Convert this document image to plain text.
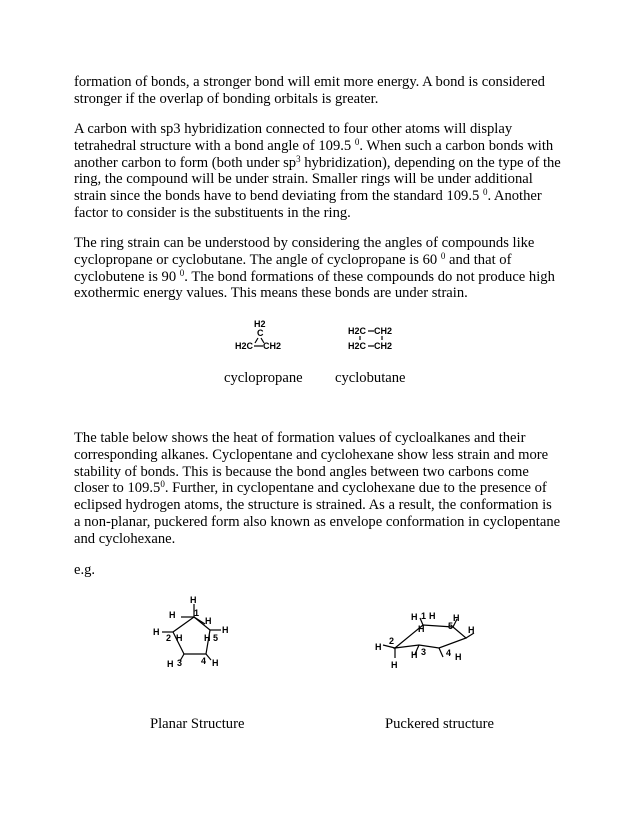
formation of bonds, a stronger bond will emit more energy. A bond is considered
stronger if the overlap of bonding orbitals is greater.

A carbon with sp3 hybridization connected to four other atoms will display
tetrahedral structure with a bond angle of 109.5 $^0$. When such a carbon bonds with
another carbon to form (both under $sp^3$ hybridization), depending on the type of the
ring, the compound will be under strain. Smaller rings will be under additional
strain since the bonds have to bend deviating from the standard 109.5 $^0$. Another
factor to consider is the substituents in the ring.

The ring strain can be understood by considering the angles of compounds like
cyclopropane or cyclobutane. The angle of cyclopropane is 60 $^0$ and that of
cyclobutene is 90 $^0$. The bond formations of these compounds do not produce high
exothermic energy values. This means these bonds are under strain.

H2
C
H2C CH2
H2C CH2
H2C CH2
cyclopropane cyclobutane

The table below shows the heat of formation values of cycloalkanes and their
corresponding alkanes. Cyclopentane and cyclohexane show less strain and more
stability of bonds. This is because the bond angles between two carbons come
closer to 109.5$^0$. Further, in cyclopentane and cyclohexane due to the presence of
eclipsed hydrogen atoms, the structure is strained. As a result, the conformation is
a non-planar, puckered form also known as envelope conformation in cyclopentane
and cyclohexane.

e.g.

H
H 1
H
H
2 H H 5
H
H 3 4 H
H 1 H
H	5
H
H
H
2
H
H 3 4 H
Planar Structure	Puckered structure
